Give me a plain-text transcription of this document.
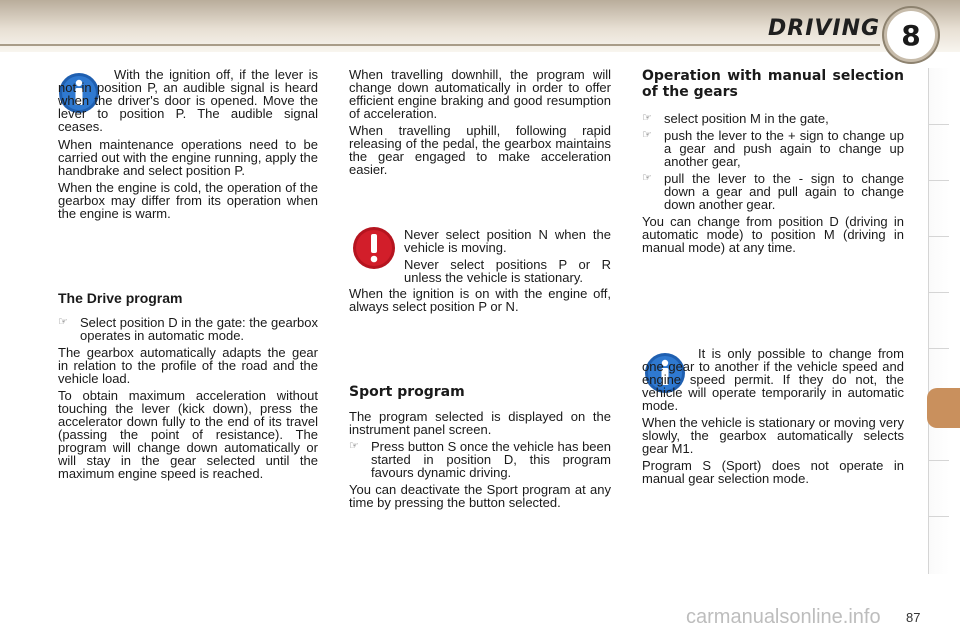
DRIVING 8

With the ignition off, if the lever is not in position P, an audible signal is heard when the driver's door is opened. Move the lever to position P. The audible signal ceases.

When maintenance operations need to be carried out with the engine running, apply the handbrake and select position P.

When the engine is cold, the operation of the gearbox may differ from its operation when the engine is warm.

The Drive program
☞ Select position D in the gate: the gearbox operates in automatic mode.

The gearbox automatically adapts the gear in relation to the profile of the road and the vehicle load.

To obtain maximum acceleration without touching the lever (kick down), press the accelerator down fully to the end of its travel (passing the point of resistance). The program will change down automatically or will stay in the gear selected until the maximum engine speed is reached.

When travelling downhill, the program will change down automatically in order to offer efficient engine braking and good resumption of acceleration.

When travelling uphill, following rapid releasing of the pedal, the gearbox maintains the gear engaged to make acceleration easier.

Never select position N when the vehicle is moving.

Never select positions P or R unless the vehicle is stationary.

When the ignition is on with the engine off, always select position P or N.

Sport program

The program selected is displayed on the instrument panel screen.

☞ Press button S once the vehicle has been started in position D, this program favours dynamic driving.

You can deactivate the Sport program at any time by pressing the button selected.

Operation with manual selection of the gears
☞ select position M in the gate,
☞ push the lever to the + sign to change up a gear and push again to change up another gear,
☞ pull the lever to the - sign to change down a gear and pull again to change down another gear.

You can change from position D (driving in automatic mode) to position M (driving in manual mode) at any time.

It is only possible to change from one gear to another if the vehicle speed and engine speed permit. If they do not, the vehicle will operate temporarily in automatic mode.

When the vehicle is stationary or moving very slowly, the gearbox automatically selects gear M1.

Program S (Sport) does not operate in manual gear selection mode.

carmanualsonline.info 87
